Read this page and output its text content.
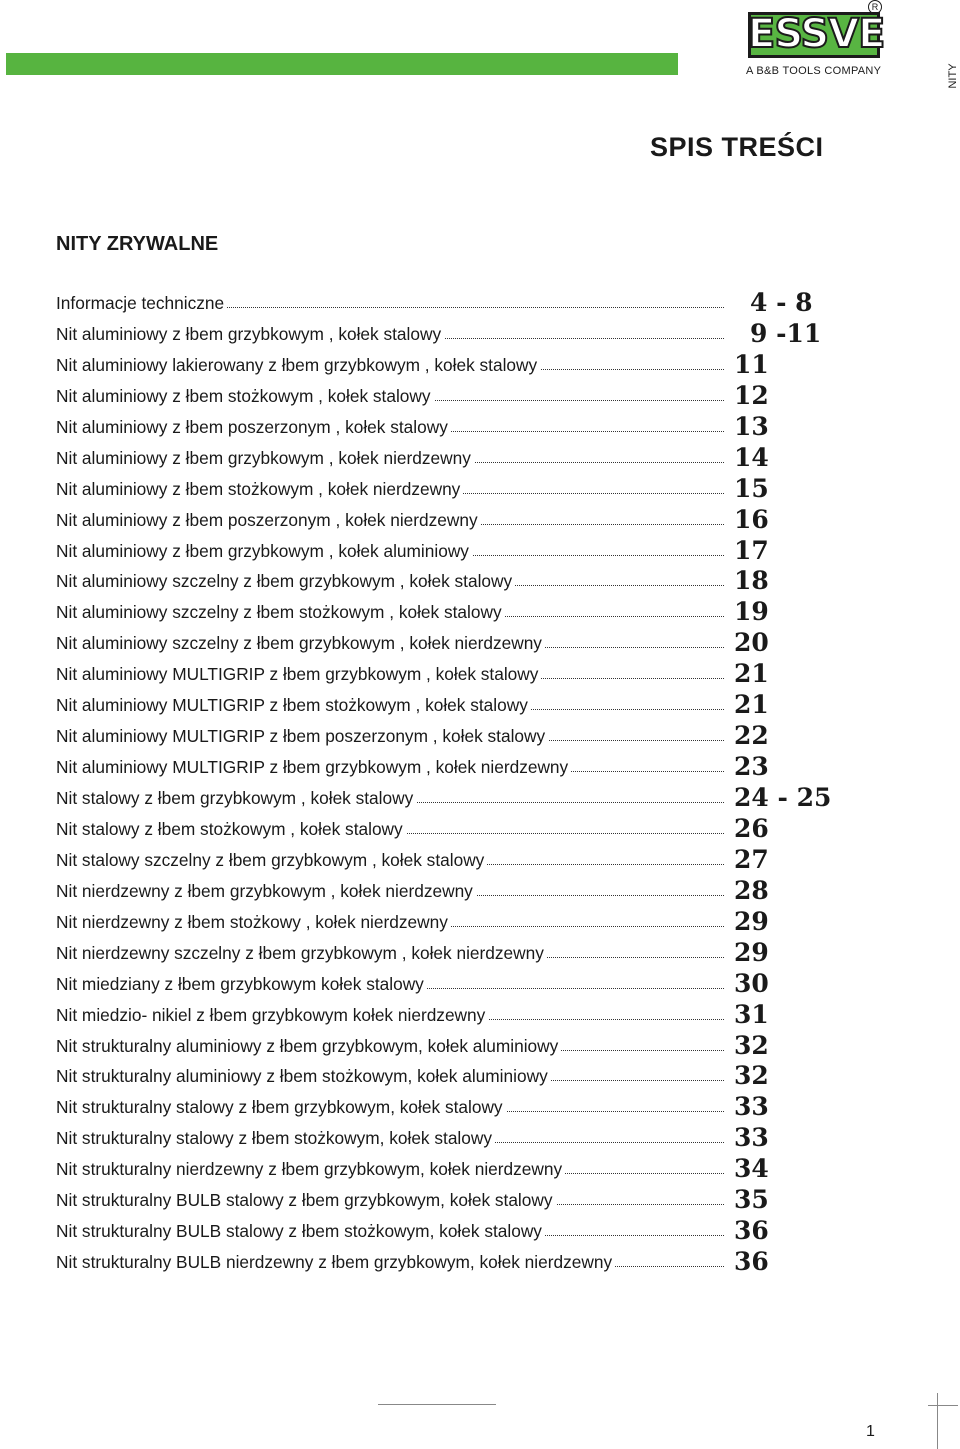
ESSVE
R
A B&B TOOLS COMPANY	NITY
SPIS TREŚCI
NITY ZRYWALNE
Informacje techniczne	4 - 8
Nit aluminiowy z łbem grzybkowym , kołek stalowy	9 -11
Nit aluminiowy lakierowany z łbem grzybkowym , kołek stalowy	11
Nit aluminiowy z łbem stożkowym , kołek stalowy	12
Nit aluminiowy z łbem poszerzonym , kołek stalowy	13
Nit aluminiowy z łbem grzybkowym , kołek nierdzewny	14
Nit aluminiowy z łbem stożkowym , kołek nierdzewny	15
Nit aluminiowy z łbem poszerzonym , kołek nierdzewny	16
Nit aluminiowy z łbem grzybkowym , kołek aluminiowy	17
Nit aluminiowy szczelny z łbem grzybkowym , kołek stalowy	18
Nit aluminiowy szczelny z łbem stożkowym , kołek stalowy	19
Nit aluminiowy szczelny z łbem grzybkowym , kołek nierdzewny	20
Nit aluminiowy MULTIGRIP z łbem grzybkowym , kołek stalowy	21
Nit aluminiowy MULTIGRIP z łbem stożkowym , kołek stalowy	21
Nit aluminiowy MULTIGRIP z łbem poszerzonym , kołek stalowy	22
Nit aluminiowy MULTIGRIP z łbem grzybkowym , kołek nierdzewny	23
Nit stalowy z łbem grzybkowym , kołek stalowy	24 - 25
Nit stalowy z łbem stożkowym , kołek stalowy	26
Nit stalowy szczelny z łbem grzybkowym , kołek stalowy	27
Nit nierdzewny z łbem grzybkowym , kołek nierdzewny	28
Nit nierdzewny z łbem stożkowy , kołek nierdzewny	29
Nit nierdzewny szczelny z łbem grzybkowym , kołek nierdzewny	29
Nit miedziany z łbem grzybkowym kołek stalowy	30
Nit miedzio- nikiel z łbem grzybkowym kołek nierdzewny	31
Nit strukturalny aluminiowy z łbem grzybkowym, kołek aluminiowy	32
Nit strukturalny aluminiowy z łbem stożkowym, kołek aluminiowy	32
Nit strukturalny stalowy z łbem grzybkowym, kołek stalowy	33
Nit strukturalny stalowy z łbem stożkowym, kołek stalowy	33
Nit strukturalny nierdzewny z łbem grzybkowym, kołek nierdzewny	34
Nit strukturalny BULB stalowy z łbem grzybkowym, kołek stalowy	35
Nit strukturalny BULB stalowy z łbem stożkowym, kołek stalowy	36
Nit strukturalny BULB nierdzewny z łbem grzybkowym, kołek nierdzewny	36
1
